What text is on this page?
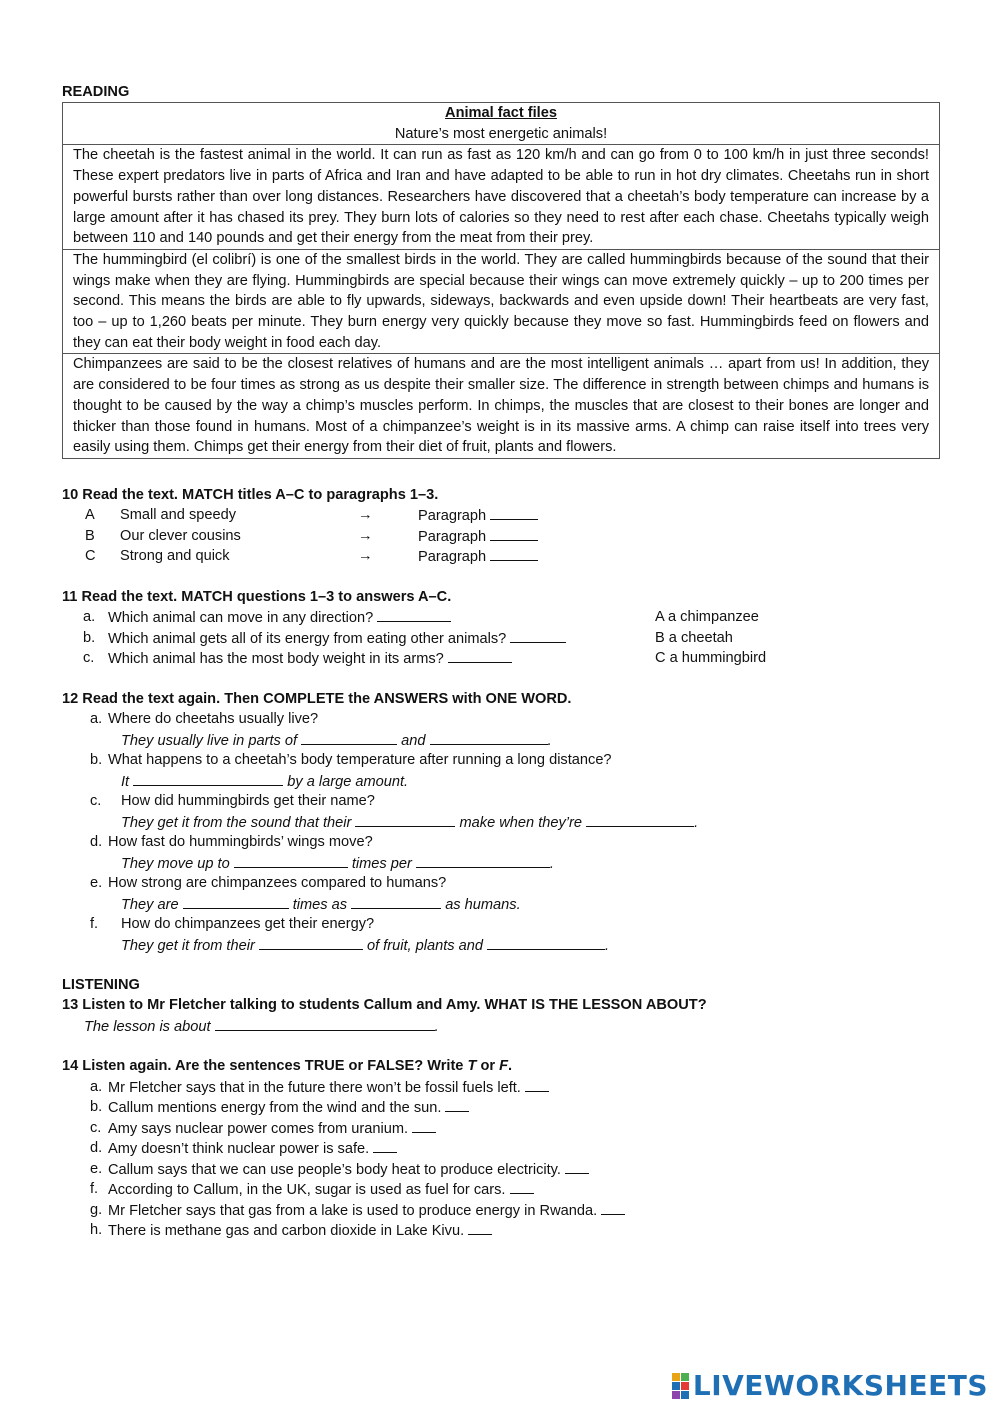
READING

Animal fact files
Nature’s most energetic animals!

The cheetah is the fastest animal in the world. It can run as fast as 120 km/h and can go from 0 to 100 km/h in just three seconds! These expert predators live in parts of Africa and Iran and have adapted to be able to run in hot dry climates. Cheetahs run in short powerful bursts rather than over long distances. Researchers have discovered that a cheetah’s body temperature can increase by a large amount after it has chased its prey. They burn lots of calories so they need to rest after each chase. Cheetahs typically weigh between 110 and 140 pounds and get their energy from the meat from their prey.
The hummingbird (el colibrí) is one of the smallest birds in the world. They are called hummingbirds because of the sound that their wings make when they are flying. Hummingbirds are special because their wings can move extremely quickly – up to 200 times per second. This means the birds are able to fly upwards, sideways, backwards and even upside down! Their heartbeats are very fast, too – up to 1,260 beats per minute. They burn energy very quickly because they move so fast. Hummingbirds feed on flowers and they can eat their body weight in food each day.
Chimpanzees are said to be the closest relatives of humans and are the most intelligent animals … apart from us! In addition, they are considered to be four times as strong as us despite their smaller size. The difference in strength between chimps and humans is thought to be caused by the way a chimp’s muscles perform. In chimps, the muscles that are closest to their bones are longer and thicker than those found in humans. Most of a chimpanzee’s weight is in its massive arms. A chimp can raise itself into trees very easily using them. Chimps get their energy from their diet of fruit, plants and flowers.

10 Read the text. MATCH titles A–C to paragraphs 1–3.

A Small and speedy	→	Paragraph
B Our clever cousins	→	Paragraph
C Strong and quick	→	Paragraph

11 Read the text. MATCH questions 1–3 to answers A–C.

a. Which animal can move in any direction?	A a chimpanzee
b. Which animal gets all of its energy from eating other animals?	B a cheetah
c. Which animal has the most body weight in its arms?	C a hummingbird

12 Read the text again. Then COMPLETE the ANSWERS with ONE WORD.

a. Where do cheetahs usually live?
They usually live in parts of	and	.
b. What happens to a cheetah’s body temperature after running a long distance?
It	by a large amount.
c. How did hummingbirds get their name?
They get it from the sound that their	make when they’re	.
d. How fast do hummingbirds’ wings move?
They move up to	times per	.
e. How strong are chimpanzees compared to humans?
They are	times as	as humans.
f. How do chimpanzees get their energy?
They get it from their	of fruit, plants and	.

LISTENING

13 Listen to Mr Fletcher talking to students Callum and Amy. WHAT IS THE LESSON ABOUT?

The lesson is about	.

14 Listen again. Are the sentences TRUE or FALSE? Write T or F.

a. Mr Fletcher says that in the future there won’t be fossil fuels left.
b. Callum mentions energy from the wind and the sun.
c. Amy says nuclear power comes from uranium.
d. Amy doesn’t think nuclear power is safe.
e. Callum says that we can use people’s body heat to produce electricity.
f. According to Callum, in the UK, sugar is used as fuel for cars.
g. Mr Fletcher says that gas from a lake is used to produce energy in Rwanda.
h. There is methane gas and carbon dioxide in Lake Kivu.
LIVEWORKSHEETS
